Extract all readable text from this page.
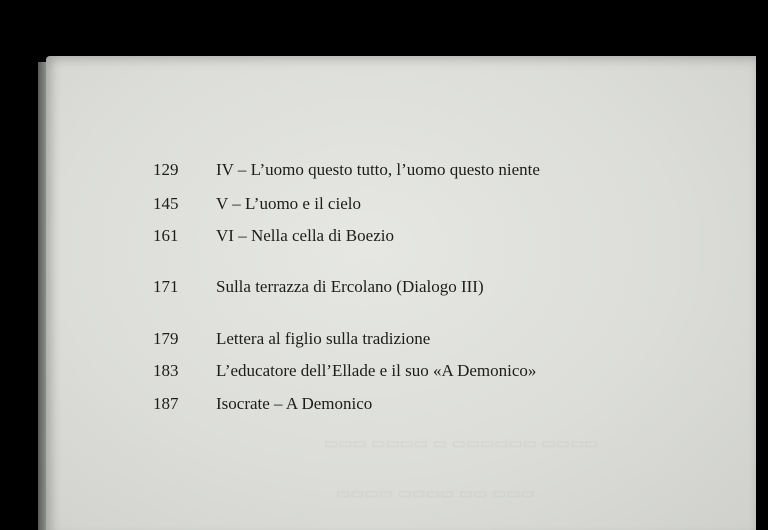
▭▭▭ ▭▭▭▭ ▭ ▭▭▭▭▭▭ ▭▭▭▭
▭▭▭▭ ▭▭▭▭ ▭▭ ▭▭▭
129	IV – L’uomo questo tutto, l’uomo questo niente
145	V – L’uomo e il cielo
161	VI – Nella cella di Boezio
171	Sulla terrazza di Ercolano (Dialogo III)
179	Lettera al figlio sulla tradizione
183	L’educatore dell’Ellade e il suo «A Demonico»
187	Isocrate – A Demonico
